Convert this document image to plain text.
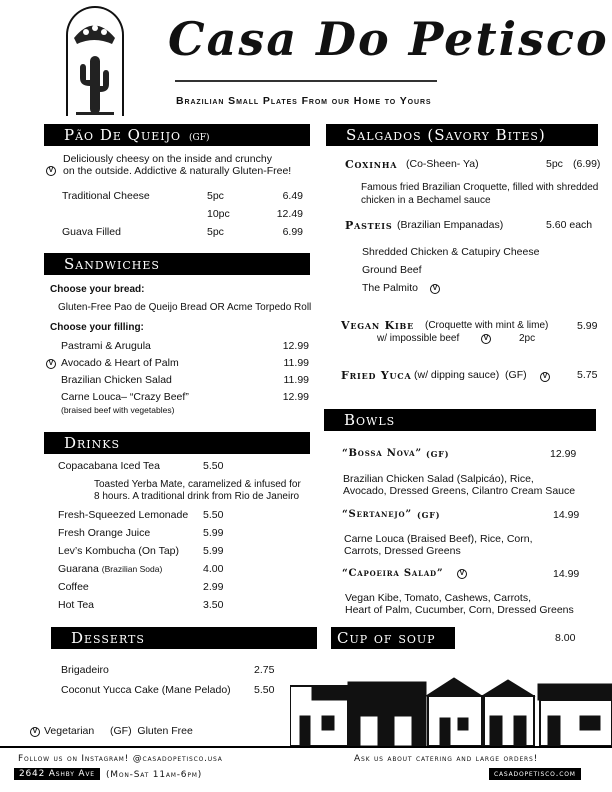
Casa Do Petisco
Brazilian Small Plates From our Home to Yours
Pão De Queijo (GF)
V
Deliciously cheesy on the inside and crunchy
on the outside. Addictive & naturally Gluten-Free!
Traditional Cheese	5pc	6.49
10pc	12.49
Guava Filled	5pc	6.99
Sandwiches
Choose your bread:
Gluten-Free Pao de Queijo Bread OR Acme Torpedo Roll
Choose your filling:
Pastrami & Arugula	12.99
V Avocado & Heart of Palm	11.99
Brazilian Chicken Salad	11.99
Carne Louca– “Crazy Beef”	12.99
(braised beef with vegetables)
Drinks
Copacabana Iced Tea	5.50
Toasted Yerba Mate, caramelized & infused for
8 hours. A traditional drink from Rio de Janeiro
Fresh-Squeezed Lemonade 5.50
Fresh Orange Juice	5.99
Lev’s Kombucha (On Tap) 5.99
Guarana (Brazilian Soda)	4.00
Coffee	2.99
Hot Tea	3.50
Desserts
Brigadeiro	2.75
Coconut Yucca Cake (Mane Pelado) 5.50
V Vegetarian (GF)  Gluten Free
Salgados (Savory Bites)
Coxinha (Co-Sheen- Ya)	5pc (6.99)
Famous fried Brazilian Croquette, filled with shredded
chicken in a Bechamel sauce
Pasteis (Brazilian Empanadas)	5.60 each
Shredded Chicken & Catupiry Cheese
Ground Beef
The Palmito	V
Vegan Kibe (Croquette with mint & lime)	5.99
w/ impossible beef	V	2pc
Fried Yuca (w/ dipping sauce)  (GF)	V	5.75
Bowls
“Bossa Nova” (GF)	12.99
Brazilian Chicken Salad (Salpicáo), Rice,
Avocado, Dressed Greens, Cilantro Cream Sauce
“Sertanejo” (GF)	14.99
Carne Louca (Braised Beef), Rice, Corn,
Carrots, Dressed Greens
“Capoeira Salad”	V	14.99
Vegan Kibe, Tomato, Cashews, Carrots,
Heart of Palm, Cucumber, Corn, Dressed Greens
Cup of soup	8.00
Follow us on Instagram! @casadopetisco.usa
2642 Ashby Ave	(Mon-Sat 11am-6pm)
Ask us about catering and large orders!
casadopetisco.com
